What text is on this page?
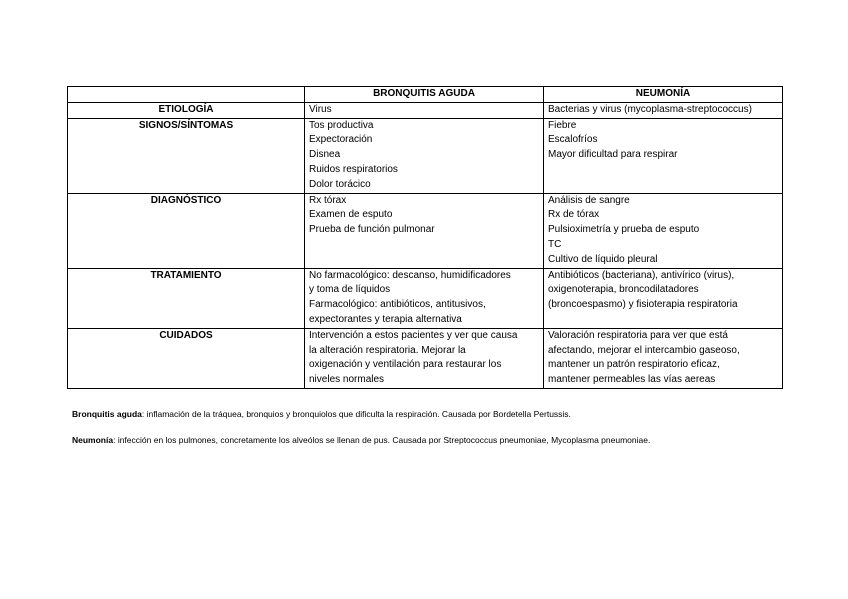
	BRONQUITIS AGUDA	NEUMONÍA
ETIOLOGÍA	Virus	Bacterias y virus (mycoplasma-streptococcus)

SIGNOS/SÍNTOMAS	Tos productiva
Expectoración
Disnea
Ruidos respiratorios
Dolor torácico	Fiebre
Escalofríos
Mayor dificultad para respirar

DIAGNÓSTICO	Rx tórax
Examen de esputo
Prueba de función pulmonar	Análisis de sangre
Rx de tórax
Pulsioximetría y prueba de esputo
TC
Cultivo de líquido pleural

TRATAMIENTO	No farmacológico: descanso, humidificadores
y toma de líquidos
Farmacológico: antibióticos, antitusivos,
expectorantes y terapia alternativa	Antibióticos (bacteriana), antivírico (virus),
oxigenoterapia, broncodilatadores
(broncoespasmo) y fisioterapia respiratoria

CUIDADOS	Intervención a estos pacientes y ver que causa
la alteración respiratoria. Mejorar la
oxigenación y ventilación para restaurar los
niveles normales	Valoración respiratoria para ver que está
afectando, mejorar el intercambio gaseoso,
mantener un patrón respiratorio eficaz,
mantener permeables las vías aereas
Bronquitis aguda: inflamación de la tráquea, bronquios y bronquiolos que dificulta la respiración. Causada por Bordetella Pertussis.
Neumonía: infección en los pulmones, concretamente los alveólos se llenan de pus. Causada por Streptococcus pneumoniae, Mycoplasma pneumoniae.
